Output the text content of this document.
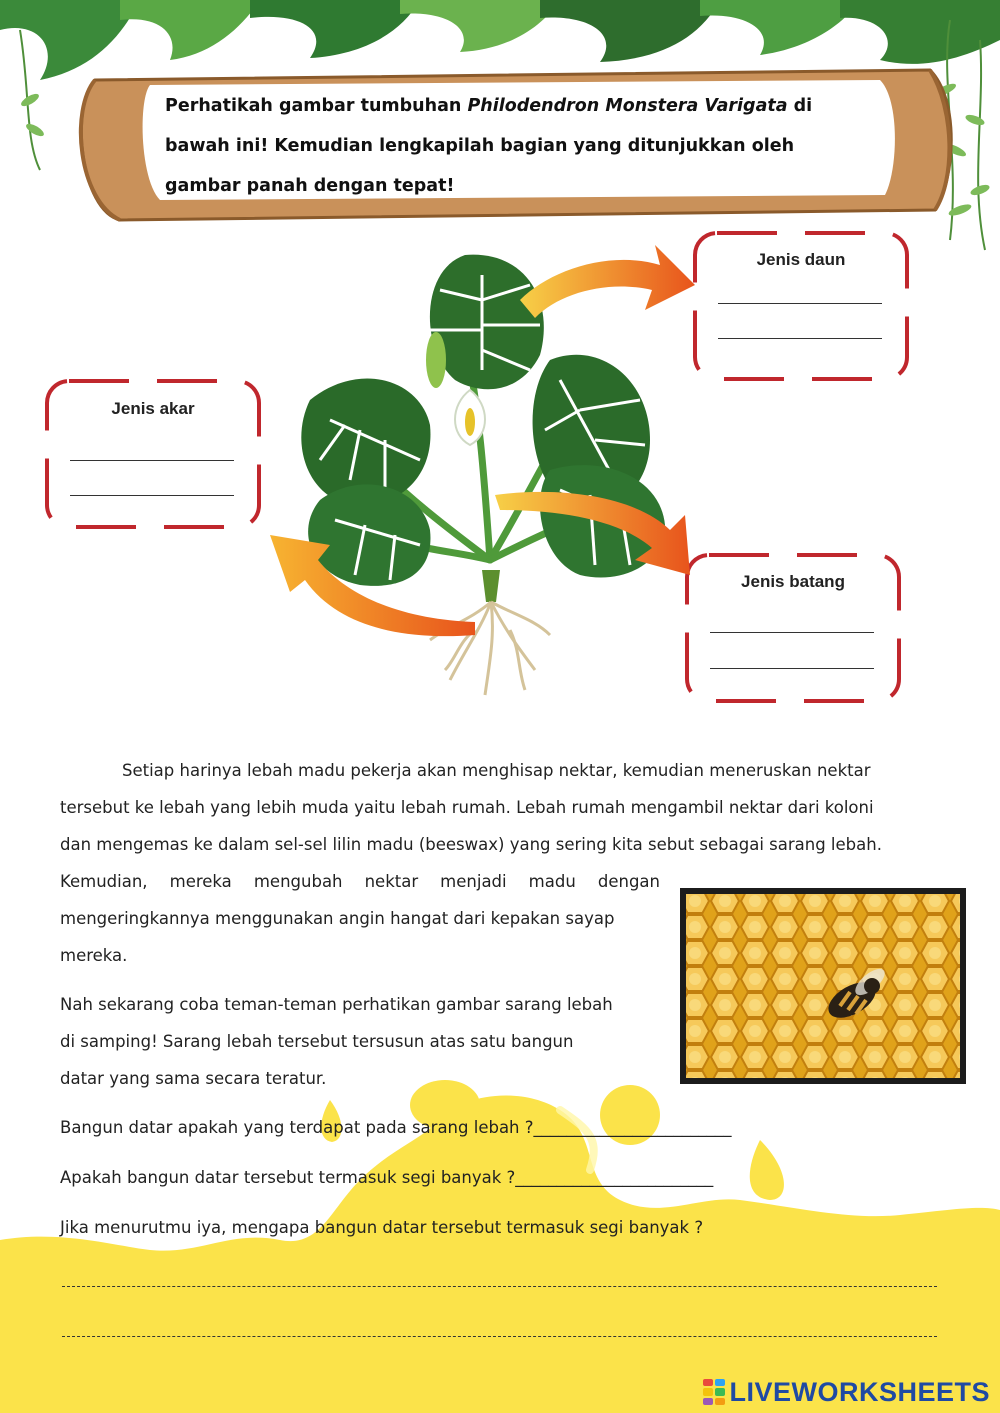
Perhatikah gambar tumbuhan Philodendron Monstera Varigata di bawah ini! Kemudian lengkapilah bagian yang ditunjukkan oleh gambar panah dengan tepat!
Jenis daun
Jenis akar
Jenis batang
Setiap harinya lebah madu pekerja akan menghisap nektar, kemudian meneruskan nektar
tersebut ke lebah yang lebih muda yaitu lebah rumah. Lebah rumah mengambil nektar dari koloni
dan mengemas ke dalam sel-sel lilin madu (beeswax) yang sering kita sebut sebagai sarang lebah.
Kemudian, mereka mengubah nektar menjadi madu dengan
mengeringkannya menggunakan angin hangat dari kepakan sayap
mereka.
Nah sekarang coba teman-teman perhatikan gambar sarang lebah
di samping! Sarang lebah tersebut tersusun atas satu bangun
datar yang sama secara teratur.
Bangun datar apakah yang terdapat pada sarang lebah ?________________________
Apakah bangun datar tersebut termasuk segi banyak ?________________________
Jika menurutmu iya, mengapa bangun datar tersebut termasuk segi banyak ?
LIVEWORKSHEETS
